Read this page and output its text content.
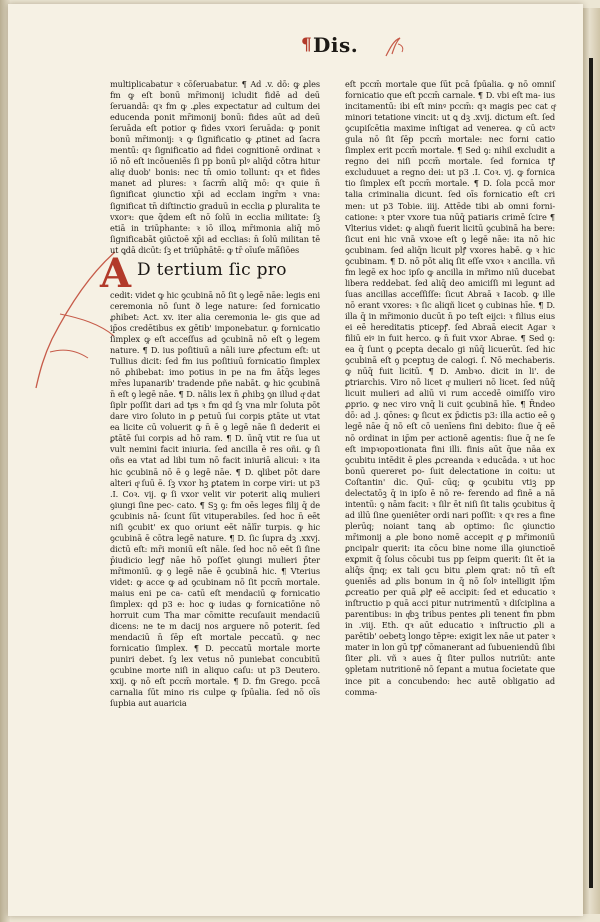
¶ Dis.

multiplicabatur ꝛ cōſeruabatur. ¶ Ad .v. dō: ꝙ ꝓles fm ꝙ eſt bonū mr̄imonij icludit fidē ad deū ſeruandā: qꝛ fm ꝙ .ꝓles expectatur ad cultum dei educenda ponit mr̄imonij bonū: fides aūt ad deū ſeruāda eſt potior ꝙ fides vxori ſeruāda: ꝙ ponit bonū mr̄imonij: ꝛ ꝙ ſignificatio ꝙ ꝓtinet ad ſacra mentū: qꝛ ſignificatio ad fidei cognitionē ordinat ꝛ iō nō eſt incōueniēs ſi pp bonū plꝰ aliq̄d cōtra hitur aliqͦ duob' bonis: nec tn̄ omio tollunt: qꝛ et fides manet ad plures: ꝛ ſacrm̄ aliq̄ mō: qꝛ quie n̄ ſignificat ꝯiunctio xp̄i ad ecclam ingr̄m ꝛ vna: ſignificat tn̄ diſtinctio graduū in ecclia ꝑ pluralita te vxorꝛ: que q̄dem eſt nō ſolū in ecclia militate: ſꝫ etiā in triūphante: ꝛ iō illoꝝ mr̄imonia aliq̄ mō ſignificabāt ꝯiūctoē xp̄i ad ecclias: n̄ ſolū militan tē ut ꝗdā dicūt: ſꝫ et triūphātē: ꝙ tr̄ oīuſe mā̄ſiōes

A D tertium ſic pro

cedit: videt ꝙ hic ꝯcubinā nō ſit ꝯ legē nāe: legis eni ceremonia nō ſunt ð lege nature: ſed fornicatio ꝓhibet: Act. xv. iter alia ceremonia le- gis que ad ip̄os credētibus ex gētib' imponebatur. ꝙ fornicatio ſimplex ꝙ eſt acceſſus ad ꝯcubinā nō eſt ꝯ legem nature. ¶ D. ius poſitiuū a nāli iure ꝓfectum eſt: ut Tullius dicit: ſed fm ius poſitiuū fornicatio ſimplex nō ꝓhibebat: imo potius in pe na fm āt̄q̄s leges mr̄es lupanarib' tradende pñe nabāt. ꝙ hic ꝯcubinā n̄ eſt ꝯ legē nāe. ¶ D. nālis lex n̄ ꝓhibꝫ ꝯn illud qͦ dat ſiplr poſſit dari ad tpͦs ꝛ fm qd ſꝫ vna mlr ſoluta pōt dare viro ſoluto in ꝑ petuū ſui corpis ꝑtāte ut vtat ea licite cū voluerit ꝙ n̄ ē ꝯ legē nāe ſi dederit ei ꝑtātē ſui corpis ad hō ram. ¶ D. ūnq̄ vtit re ſua ut vult nemini facit iniuria. ſed ancilla ē res oñi. ꝙ ſi oñs ea vtat ad libi tum nō facit iniuriā alicui: ꝛ ita hic ꝯcubinā nō ē ꝯ legē nāe. ¶ D. ꝗlibet pōt dare alteri qͦ ſuū ē. ſꝫ vxor hꝫ ꝑtatem in corpe viri: ut p3 .I. Coꝛ. vij. ꝙ ſi vxor velit vir poterit aliꝗ mulieri ꝯiungi ſine pec- cato. ¶ Sꝫ ꝯ: fm oēs leges filij q̄ de ꝯcubinis nā- ſcunt ſūt vituperabiles. ſed hoc n̄ eēt niſi ꝯcubit' ex quo oriunt eēt nālīr turpis. ꝙ hic ꝯcubinā ē cōtra legē nature. ¶ D. ſic ſupra dꝫ .xxvj. dictū eſt: mr̄i moniū eſt nāle. ſed hoc nō eēt ſi ſine p̄iudicio legꝭ nāe hō poſſet ꝯiungi mulieri p̄ter mr̄imoniū. ꝙ ꝯ legē nāe ē ꝯcubinā hic. ¶ Vterius videt: ꝙ acce ꝙ ad ꝯcubinam nō ſit pccm̄ mortale. maius eni pe ca- catū eſt mendaciū ꝙ fornicatio ſimplex: qd p3 e: hoc ꝙ iudas ꝙ fornicatiōne nō horruit cum Tha mar cōmitte recuſauit mendaciū dicens: ne te m dacij nos arguere nō poterit. ſed mendaciū n̄ ſēp eſt mortale peccatū. ꝙ nec fornicatio ſimplex. ¶ D. peccatū mortale morte puniri debet. ſꝫ lex vetus nō puniebat concubitū ꝯcubine morte niſi in aliquo caſu: ut p3 Deutero. xxij. ꝙ nō eſt pccm̄ mortale. ¶ D. fm Grego. pccā carnalia ſūt mino ris culpe ꝙ ſpūalia. ſed nō oīs ſupbia aut auaricia

eſt pccm̄ mortale que ſūt pcā ſpūalia. ꝙ nō omniſ fornicatio que eſt pccm̄ carnale. ¶ D. vbi eſt ma- ius incitamentū: ibi eſt minꝰ pccm̄: qꝛ magis pec cat qͦ minori tetatione vincit: ut ꝗ dꝫ .xvij. dictum eſt. ſed ꝯcupiſcētia maxime inſtigat ad venerea. ꝙ cū actꝰ gula nō ſit ſēp pccm̄ mortale: nec forni catio ſimplex erit pccm̄ mortale. ¶ Sed ꝯ: nihil excludit a regno dei niſi pccm̄ mortale. ſed fornica tꝭ excluduuet a regno dei: ut p3 .I. Coꝛ. vj. ꝙ fornica tio ſimplex eſt pccm̄ mortale. ¶ D. ſola pccā mor talia criminalia dicunt. ſed oīs fornicatio eſt cri men: ut p3 Tobie. iiij. Attēde tibi ab omni forni- catione: ꝛ pter vxore tua nūq̄ patiaris crimē ſcire ¶ Vlterius videt: ꝙ alıqñ fuerit licitū ꝯcubinā ha bere: ſicut eni hic vnā vxoꝛe eſt ꝯ legē nāe: ita nō hic ꝯcubinam. ſed aliq̄n licuit plꝭ vxores habē. ꝙ ꝛ hic ꝯcubinam. ¶ D. nō pōt aliꝗ ſit eſſe vxoꝛ ꝛ ancilla. vñ fm legē ex hoc ipſo ꝙ ancilla in mr̄imo niū ducebat libera reddebat. ſed aliq̄ deo amiciſſi mi legunt ad ſuas ancillas acceſſiſſe: ſicut Abraā ꝛ Iacob. ꝙ ille nō erant vxores: ꝛ ſic aliqñ licet ꝯ cubinas hīe. ¶ D. illa q̄ in mr̄imonio ducūt n̄ po teſt eijci: ꝛ filius eius ei eē hereditatis pticepꝭ. ſed Abraā eiecit Agar ꝛ filiū eiꝰ in fuit herco. ꝙ n̄ fuit vxor Abrae. ¶ Sed ꝯ: ea q̄ ſunt ꝯ ꝑcepta decalo gi nūq̄ licuerūt. ſed hic ꝯcubinā eſt ꝯ pceptuꝫ de calogi. ſ. Nō mechaberis. ꝙ nūq̄ fuit licitū. ¶ D. Ambꝛo. dicit in li'. de ꝑtriarchis. Viro nō licet qͦ mulieri nō licet. ſed nūq̄ licuit mulieri ad aliū vi rum accedē oimiſſo viro ꝓprio. ꝙ nec viro vnq̄ li cuit ꝯcubinā hīe. ¶ R̄ndeo dō: ad .j. qōnes: ꝙ ſicut ex p̄dictis p3: illa actio eē ꝯ legē nāe q̄ nō eſt cō uenīens fini debito: ſiue q̄ eē nō ordinat in ip̄m per actionē agentis: ſiue q̄ ne ſe eſt impꝛopoꝛtionata fini illi. finis aūt q̄ue nāa ex ꝯcubitu intēdit ē ꝑles ꝓcreanda ꝛ educāda. ꝛ ut hoc bonū quereret po- ſuit delectatione in coitu: ut Coſtantin' dic. Quī- cūq; ꝙ ꝯcubitu vtiꝫ pp delectatōꝫ q̄ in ipſo ē nō re- ferendo ad finē a nā intentū: ꝯ nām facit: ꝛ ſilr ēt niſi ſit talis ꝯcubitus q̄ ad illū ſine ꝯueniēter ordi nari poſſit: ꝛ qꝛ res a fine plerūq; noiant tanꝗ ab optimo: ſic ꝯiunctio mr̄imonij a ꝓle bono nomē accepit qͦ ꝑ mr̄imoniū ꝑncipalr querit: ita cōcu bine nome illa ꝯiunctioē exꝑmit q̄ ſolus cōcubi tus pp ſeipm querit: ſit ēt ia aliq̄s q̄nq; ex tali ꝯcu bitu ꝓlem ꝗrat: nō tn̄ eſt ꝯueniēs ad ꝓlis bonum in q̄ nō ſolꝰ intelligit ip̄m ꝓcreatio per quā ꝓlꝭ eē accipit: ſed et educatio ꝛ inſtructio p quā acci pitur nutrimentū ꝛ diſciplina a parentibus: in qͥbꝫ tribus pentes ꝓli tenent fm pbm in .viij. Eth. qꝛ aūt educatio ꝛ inſtructio ꝓli a parētib' oebetꝫ longo tēpꝰe: exigit lex nāe ut pater ꝛ mater in lon gū tpꝭ cōmanerant ad ſubueniendū ſibi ſiter ꝓli. vñ ꝛ aues q̄ ſiter pullos nutriūt: ante ꝯpletam nutritionē nō ſepant a mutua ſocietate que ince pit a concubendo: hec autē obligatio ad comma-
